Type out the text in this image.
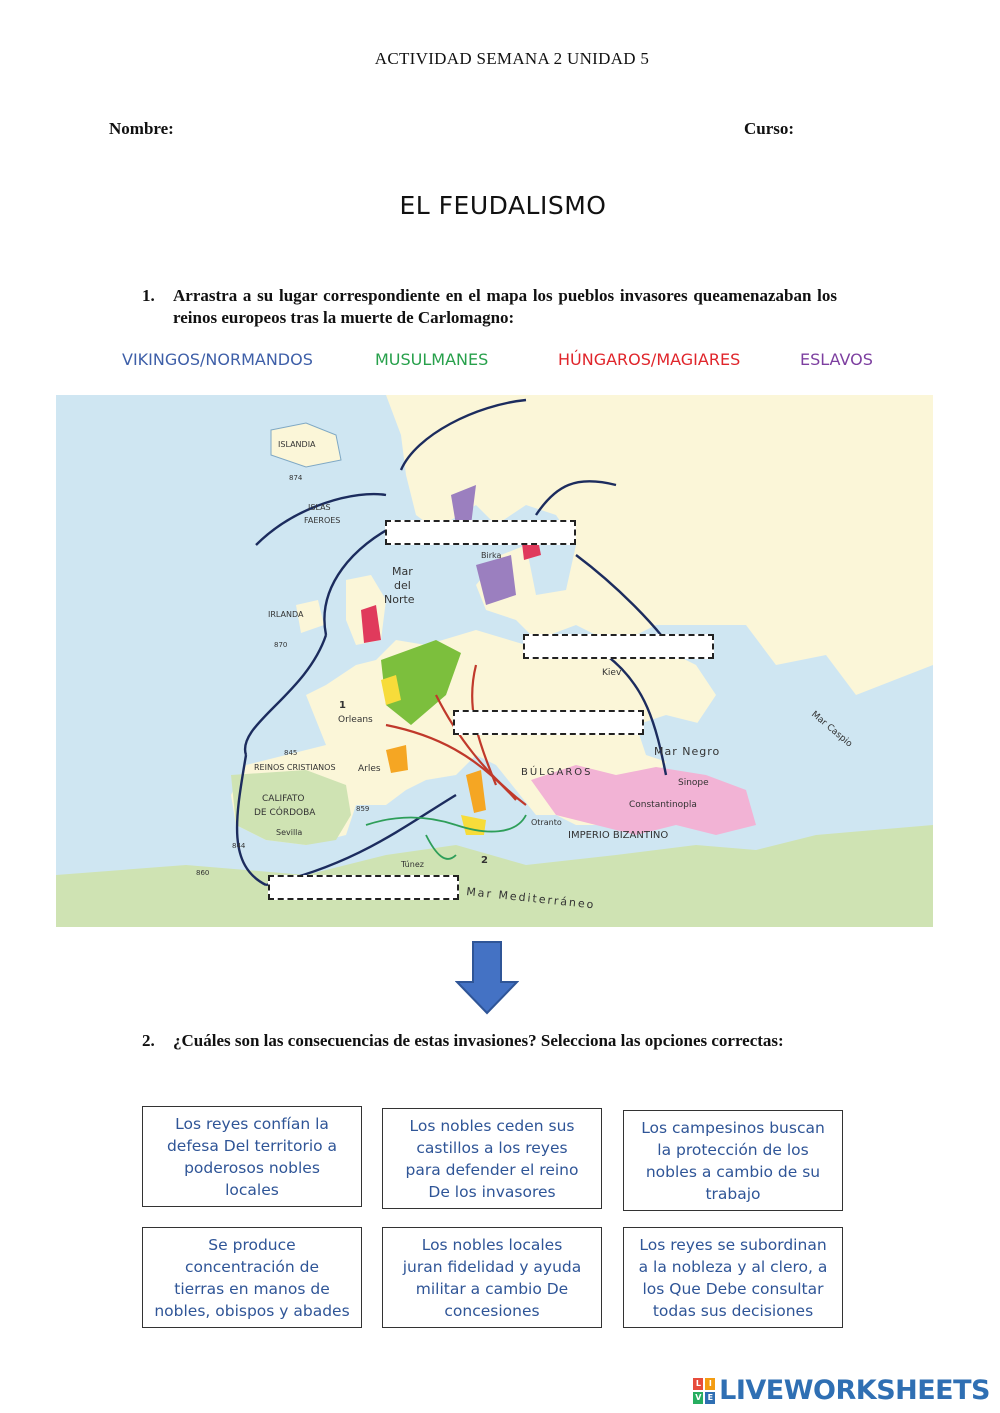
ACTIVIDAD SEMANA 2 UNIDAD 5
Nombre:	Curso:
EL FEUDALISMO
1. Arrastra a su lugar correspondiente en el mapa los pueblos invasores queamenazaban los reinos europeos tras la muerte de Carlomagno:
VIKINGOS/NORMANDOS	MUSULMANES	HÚNGAROS/MAGIARES	ESLAVOS
ISLANDIA
874
ISLAS
FAEROES
Mar
del
Norte
Birka
IRLANDA
870
Kiev
Orleans
1
2
845
REINOS CRISTIANOS Arles
CALIFATO
DE CÓRDOBA
Sevilla
859
844
860
Túnez
Otranto
BÚLGAROS
Mar Negro
Sinope
Constantinopla
IMPERIO BIZANTINO
Mar Caspio
Mar Mediterráneo
2. ¿Cuáles son las consecuencias de estas invasiones? Selecciona las opciones correctas:
Los reyes confían la
defesa Del territorio a
poderosos nobles
locales
Los nobles ceden sus
castillos a los reyes
para defender el reino
De los invasores
Los campesinos buscan
la protección de los
nobles a cambio de su
trabajo
Se produce
concentración de
tierras en manos de
nobles, obispos y abades
Los nobles locales
juran fidelidad y ayuda
militar a cambio De
concesiones
Los reyes se subordinan
a la nobleza y al clero, a
los Que Debe consultar
todas sus decisiones
L	I
V E LIVEWORKSHEETS
